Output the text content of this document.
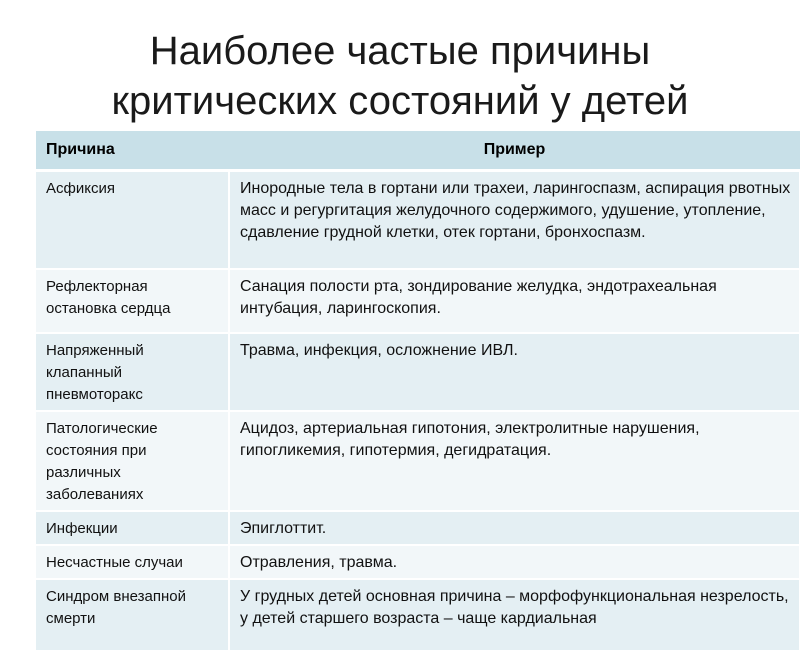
Наиболее частые причины
критических состояний у детей
Причина	Пример
Асфиксия	Инородные тела в гортани или трахеи, ларингоспазм, аспирация рвотных масс и регургитация желудочного содержимого, удушение, утопление, сдавление грудной клетки, отек гортани, бронхоспазм.
Рефлекторная остановка сердца	Санация полости рта, зондирование желудка, эндотрахеальная интубация, ларингоскопия.
Напряженный клапанный пневмоторакс	Травма, инфекция, осложнение ИВЛ.
Патологические состояния при различных заболеваниях	Ацидоз, артериальная гипотония, электролитные нарушения, гипогликемия, гипотермия, дегидратация.
Инфекции	Эпиглоттит.
Несчастные случаи	Отравления, травма.
Синдром внезапной смерти	У грудных детей основная причина – морфофункциональная незрелость, у детей старшего возраста – чаще кардиальная
